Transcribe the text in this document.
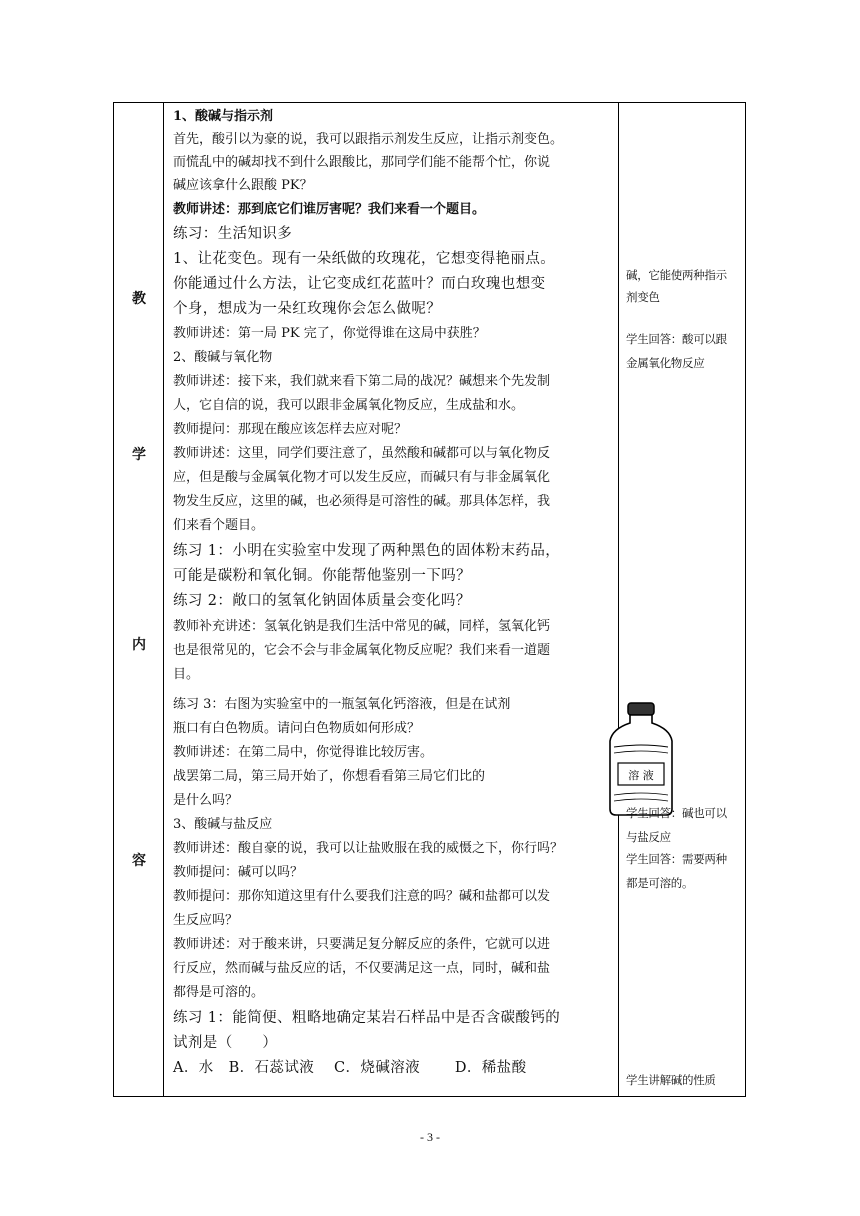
教
学
内
容
1、酸碱与指示剂
首先，酸引以为豪的说，我可以跟指示剂发生反应，让指示剂变色。
而慌乱中的碱却找不到什么跟酸比，那同学们能不能帮个忙，你说
碱应该拿什么跟酸 PK？
教师讲述：那到底它们谁厉害呢？我们来看一个题目。
练习：生活知识多
1、让花变色。现有一朵纸做的玫瑰花，它想变得艳丽点。
你能通过什么方法，让它变成红花蓝叶？而白玫瑰也想变
个身，想成为一朵红玫瑰你会怎么做呢？
教师讲述：第一局 PK 完了，你觉得谁在这局中获胜？
2、酸碱与氧化物
教师讲述：接下来，我们就来看下第二局的战况？碱想来个先发制
人，它自信的说，我可以跟非金属氧化物反应，生成盐和水。
教师提问：那现在酸应该怎样去应对呢？
教师讲述：这里，同学们要注意了，虽然酸和碱都可以与氧化物反
应，但是酸与金属氧化物才可以发生反应，而碱只有与非金属氧化
物发生反应，这里的碱，也必须得是可溶性的碱。那具体怎样，我
们来看个题目。
练习 1：小明在实验室中发现了两种黑色的固体粉末药品，
可能是碳粉和氧化铜。你能帮他鉴别一下吗？
练习 2：敞口的氢氧化钠固体质量会变化吗？
教师补充讲述：氢氧化钠是我们生活中常见的碱，同样，氢氧化钙
也是很常见的，它会不会与非金属氧化物反应呢？我们来看一道题
目。
练习 3：右图为实验室中的一瓶氢氧化钙溶液，但是在试剂
瓶口有白色物质。请问白色物质如何形成？
教师讲述：在第二局中，你觉得谁比较厉害。
战罢第二局，第三局开始了，你想看看第三局它们比的
是什么吗？
3、酸碱与盐反应
教师讲述：酸自豪的说，我可以让盐败服在我的威慑之下，你行吗？
教师提问：碱可以吗？
教师提问：那你知道这里有什么要我们注意的吗？碱和盐都可以发
生反应吗？
教师讲述：对于酸来讲，只要满足复分解反应的条件，它就可以进
行反应，然而碱与盐反应的话，不仅要满足这一点，同时，碱和盐
都得是可溶的。
练习 1：能简便、粗略地确定某岩石样品中是否含碳酸钙的
试剂是（　　）
A．水　B．石蕊试液　 C．烧碱溶液　　 D．稀盐酸
溶 液
碱，它能使两种指示
剂变色
学生回答：酸可以跟
金属氧化物反应
学生回答：碱也可以
与盐反应
学生回答：需要两种
都是可溶的。
学生讲解碱的性质
- 3 -
